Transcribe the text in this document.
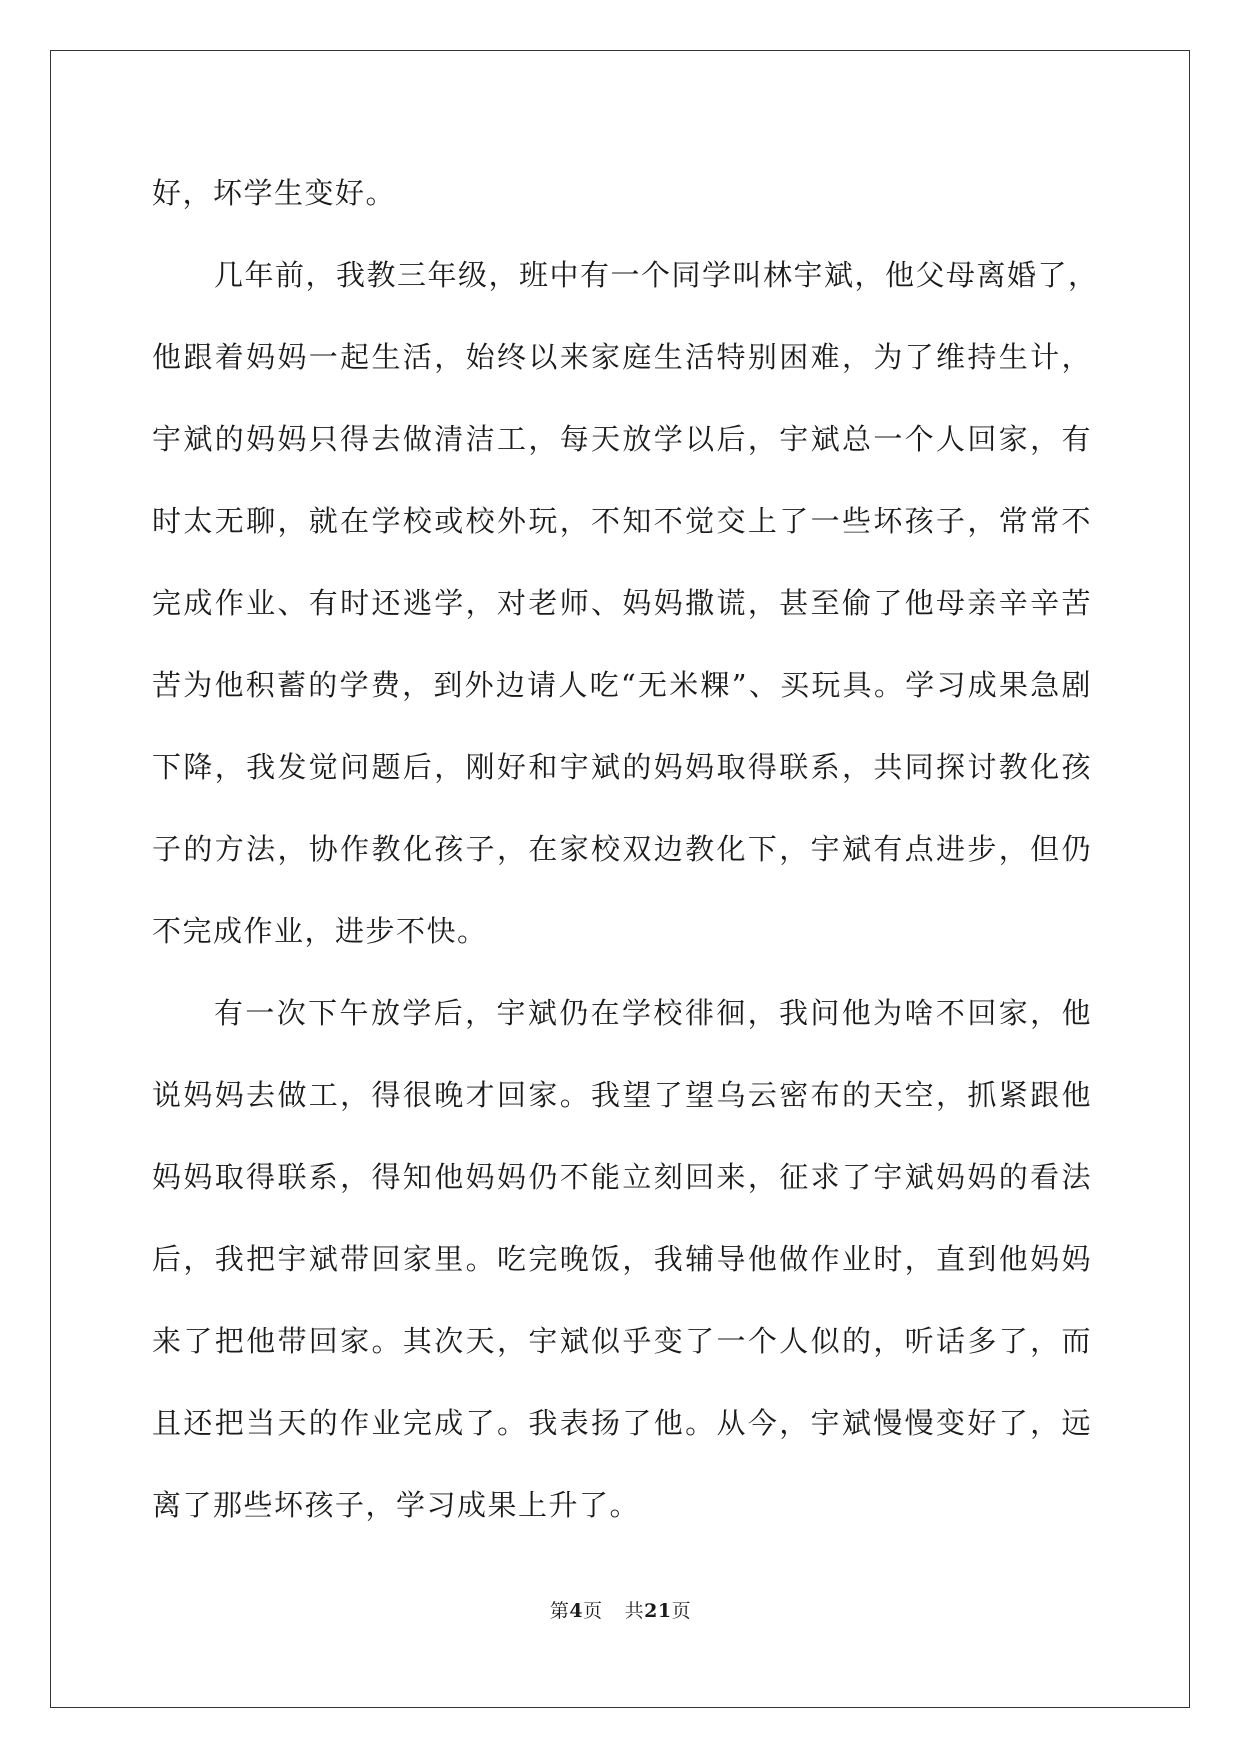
好，坏学生变好。
几年前，我教三年级，班中有一个同学叫林宇斌，他父母离婚了，
他跟着妈妈一起生活，始终以来家庭生活特别困难，为了维持生计，
宇斌的妈妈只得去做清洁工，每天放学以后，宇斌总一个人回家，有
时太无聊，就在学校或校外玩，不知不觉交上了一些坏孩子，常常不
完成作业、有时还逃学，对老师、妈妈撒谎，甚至偷了他母亲辛辛苦
苦为他积蓄的学费，到外边请人吃“无米粿”、买玩具。学习成果急剧
下降，我发觉问题后，刚好和宇斌的妈妈取得联系，共同探讨教化孩
子的方法，协作教化孩子，在家校双边教化下，宇斌有点进步，但仍
不完成作业，进步不快。
有一次下午放学后，宇斌仍在学校徘徊，我问他为啥不回家，他
说妈妈去做工，得很晚才回家。我望了望乌云密布的天空，抓紧跟他
妈妈取得联系，得知他妈妈仍不能立刻回来，征求了宇斌妈妈的看法
后，我把宇斌带回家里。吃完晚饭，我辅导他做作业时，直到他妈妈
来了把他带回家。其次天，宇斌似乎变了一个人似的，听话多了，而
且还把当天的作业完成了。我表扬了他。从今，宇斌慢慢变好了，远
离了那些坏孩子，学习成果上升了。
第4页 共21页
